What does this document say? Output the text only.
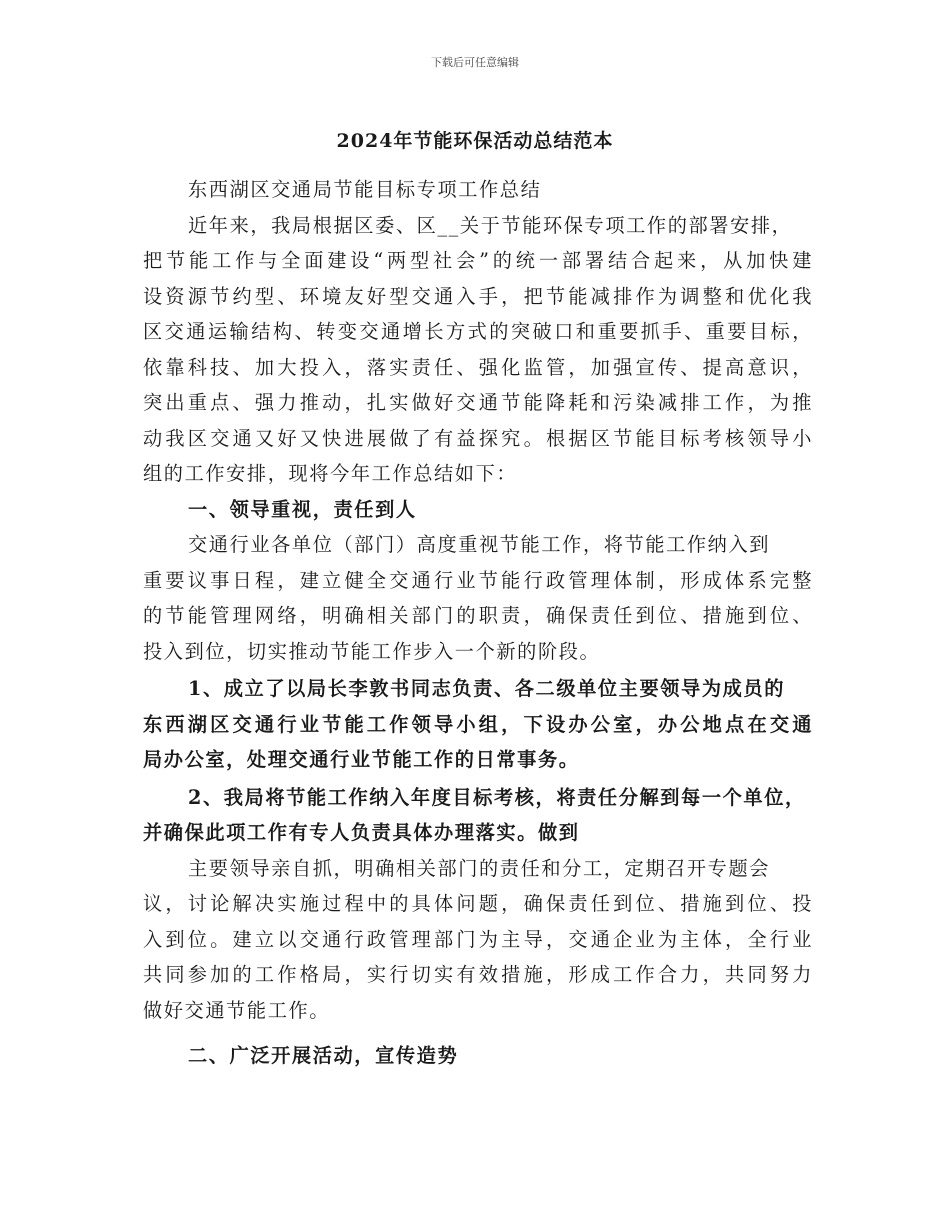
下载后可任意编辑
2024年节能环保活动总结范本
东西湖区交通局节能目标专项工作总结
近年来，我局根据区委、区__关于节能环保专项工作的部署安排，
把节能工作与全面建设“两型社会”的统一部署结合起来，从加快建
设资源节约型、环境友好型交通入手，把节能减排作为调整和优化我
区交通运输结构、转变交通增长方式的突破口和重要抓手、重要目标，
依靠科技、加大投入，落实责任、强化监管，加强宣传、提高意识，
突出重点、强力推动，扎实做好交通节能降耗和污染减排工作，为推
动我区交通又好又快进展做了有益探究。根据区节能目标考核领导小
组的工作安排，现将今年工作总结如下：
一、领导重视，责任到人
交通行业各单位（部门）高度重视节能工作，将节能工作纳入到
重要议事日程，建立健全交通行业节能行政管理体制，形成体系完整
的节能管理网络，明确相关部门的职责，确保责任到位、措施到位、
投入到位，切实推动节能工作步入一个新的阶段。
1、成立了以局长李敦书同志负责、各二级单位主要领导为成员的
东西湖区交通行业节能工作领导小组，下设办公室，办公地点在交通
局办公室，处理交通行业节能工作的日常事务。
2、我局将节能工作纳入年度目标考核，将责任分解到每一个单位，
并确保此项工作有专人负责具体办理落实。做到
主要领导亲自抓，明确相关部门的责任和分工，定期召开专题会
议，讨论解决实施过程中的具体问题，确保责任到位、措施到位、投
入到位。建立以交通行政管理部门为主导，交通企业为主体，全行业
共同参加的工作格局，实行切实有效措施，形成工作合力，共同努力
做好交通节能工作。
二、广泛开展活动，宣传造势
